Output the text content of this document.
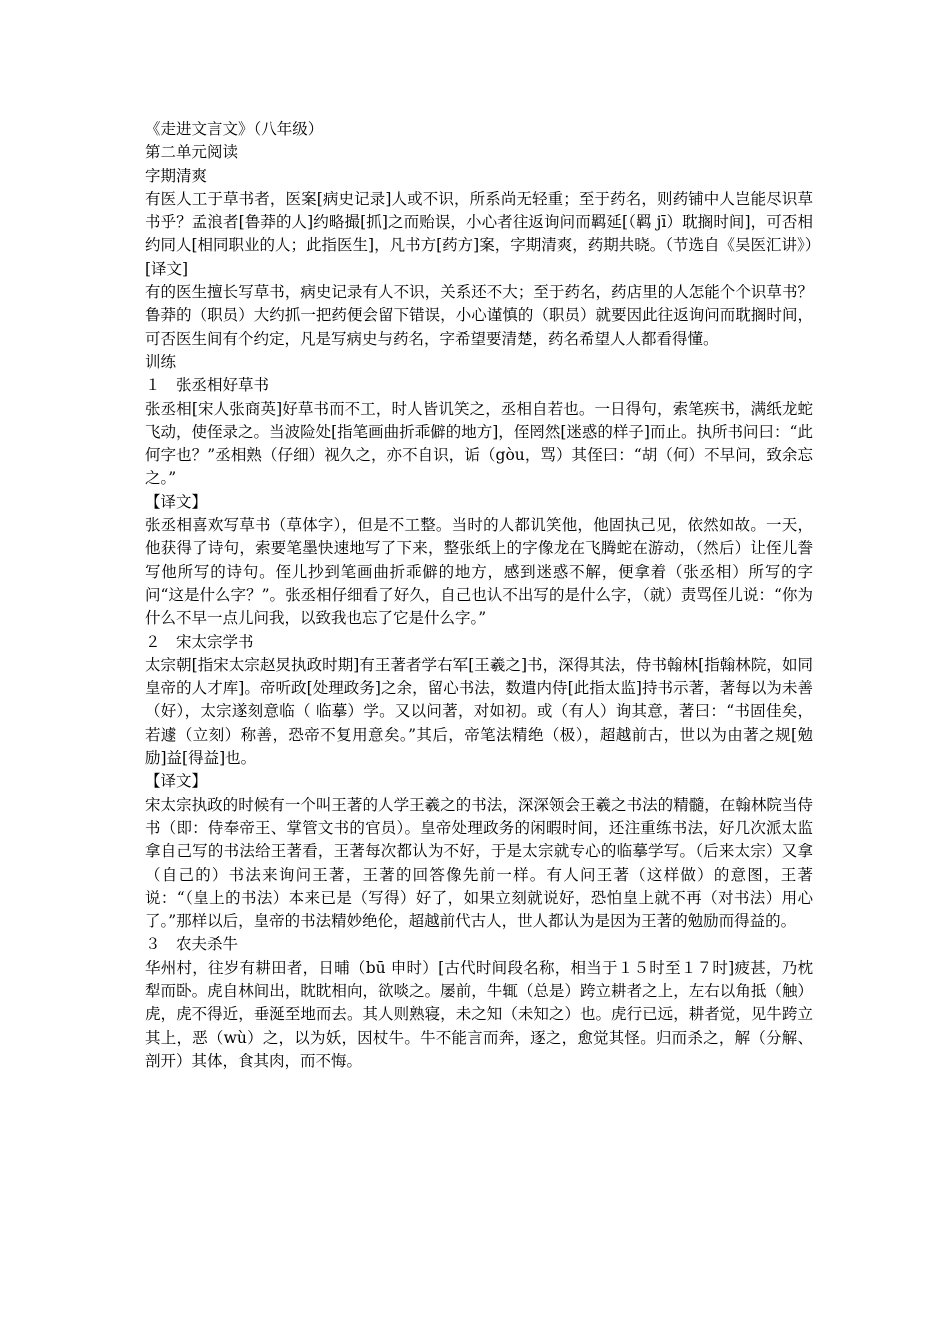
《走进文言文》（八年级）
第二单元阅读
字期清爽

有医人工于草书者，医案[病史记录]人或不识，所系尚无轻重；至于药名，则药铺中人岂能尽识草书乎？孟浪者[鲁莽的人]约略撮[抓]之而贻误，小心者往返询问而羁延[（羁 jī）耽搁时间]，可否相约同人[相同职业的人；此指医生]，凡书方[药方]案，字期清爽，药期共晓。（节选自《吴医汇讲》）

[译文]

有的医生擅长写草书，病史记录有人不识，关系还不大；至于药名，药店里的人怎能个个识草书？鲁莽的（职员）大约抓一把药便会留下错误，小心谨慎的（职员）就要因此往返询问而耽搁时间，可否医生间有个约定，凡是写病史与药名，字希望要清楚，药名希望人人都看得懂。

训练
１　张丞相好草书

张丞相[宋人张商英]好草书而不工，时人皆讥笑之，丞相自若也。一日得句，索笔疾书，满纸龙蛇飞动，使侄录之。当波险处[指笔画曲折乖僻的地方]，侄罔然[迷惑的样子]而止。执所书问曰：“此何字也？”丞相熟（仔细）视久之，亦不自识，诟（gòu，骂）其侄曰：“胡（何）不早问，致余忘之。”

【译文】

张丞相喜欢写草书（草体字），但是不工整。当时的人都讥笑他，他固执己见，依然如故。一天，他获得了诗句，索要笔墨快速地写了下来，整张纸上的字像龙在飞腾蛇在游动，（然后）让侄儿誊写他所写的诗句。侄儿抄到笔画曲折乖僻的地方，感到迷惑不解，便拿着（张丞相）所写的字问“这是什么字？”。张丞相仔细看了好久，自己也认不出写的是什么字，（就）责骂侄儿说：“你为什么不早一点儿问我，以致我也忘了它是什么字。”

２　宋太宗学书

太宗朝[指宋太宗赵炅执政时期]有王著者学右军[王羲之]书，深得其法，侍书翰林[指翰林院，如同皇帝的人才库]。帝听政[处理政务]之余，留心书法，数遣内侍[此指太监]持书示著，著每以为未善（好），太宗遂刻意临（ 临摹）学。又以问著，对如初。或（有人）询其意，著曰：“书固佳矣，若遽（立刻）称善，恐帝不复用意矣。”其后，帝笔法精绝（极），超越前古，世以为由著之规[勉励]益[得益]也。

【译文】

宋太宗执政的时候有一个叫王著的人学王羲之的书法，深深领会王羲之书法的精髓，在翰林院当侍书（即：侍奉帝王、掌管文书的官员）。皇帝处理政务的闲暇时间，还注重练书法，好几次派太监拿自己写的书法给王著看，王著每次都认为不好，于是太宗就专心的临摹学写。（后来太宗）又拿（自己的）书法来询问王著，王著的回答像先前一样。有人问王著（这样做）的意图，王著说：“（皇上的书法）本来已是（写得）好了，如果立刻就说好，恐怕皇上就不再（对书法）用心了。”那样以后，皇帝的书法精妙绝伦，超越前代古人，世人都认为是因为王著的勉励而得益的。

３　农夫杀牛

华州村，往岁有耕田者，日晡（bū 申时）[古代时间段名称，相当于１５时至１７时]疲甚，乃枕犁而卧。虎自林间出，眈眈相向，欲啖之。屡前，牛辄（总是）跨立耕者之上，左右以角抵（触）虎，虎不得近，垂涎至地而去。其人则熟寝，未之知（未知之）也。虎行已远，耕者觉，见牛跨立其上，恶（wù）之，以为妖，因杖牛。牛不能言而奔，逐之，愈觉其怪。归而杀之，解（分解、剖开）其体，食其肉，而不悔。
